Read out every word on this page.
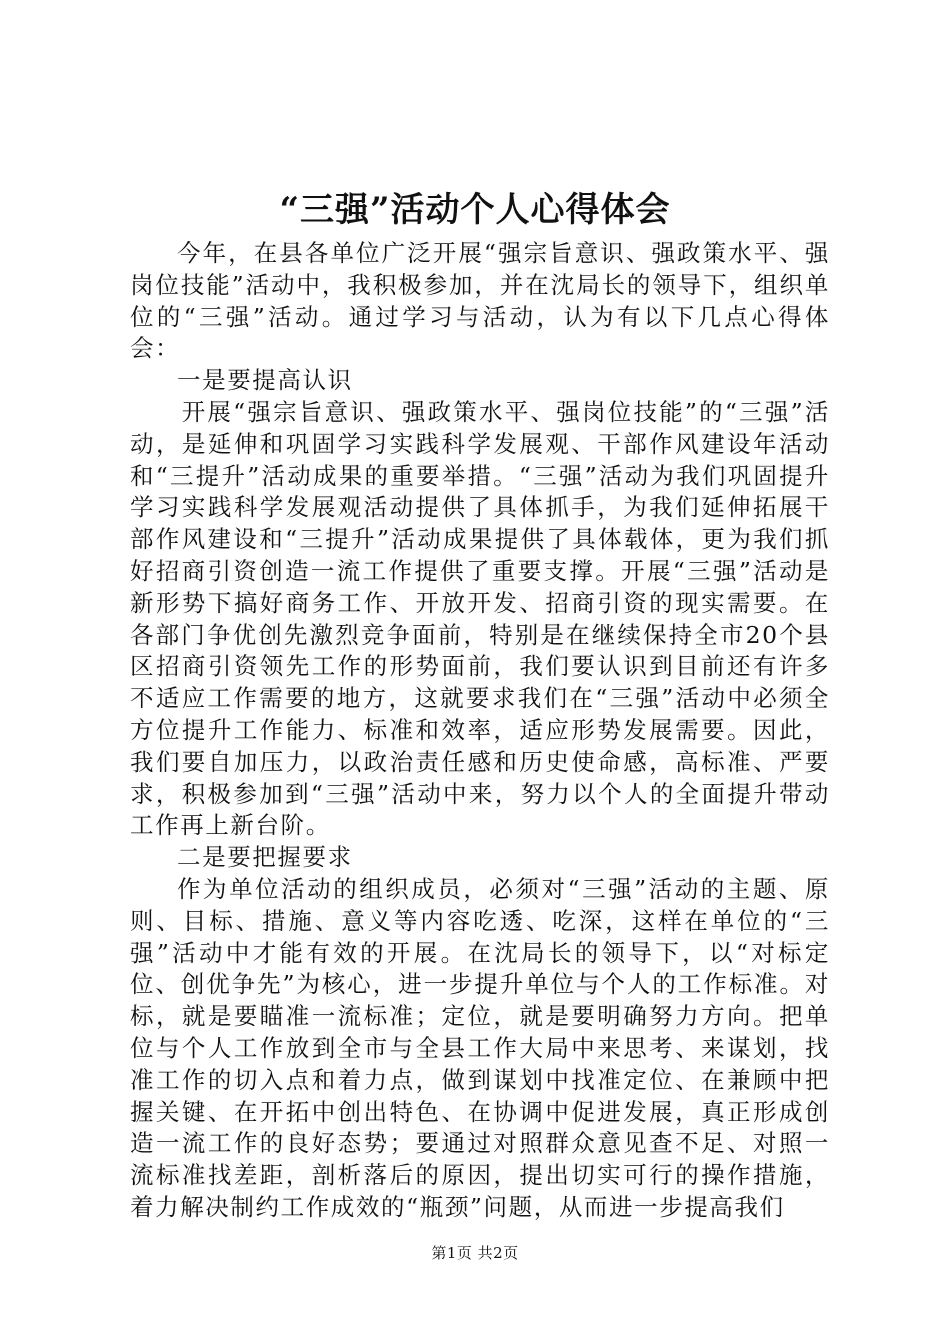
“三强”活动个人心得体会

今年，在县各单位广泛开展“强宗旨意识、强政策水平、强岗位技能”活动中，我积极参加，并在沈局长的领导下，组织单位的“三强”活动。通过学习与活动，认为有以下几点心得体会：

一是要提高认识

开展“强宗旨意识、强政策水平、强岗位技能”的“三强”活动，是延伸和巩固学习实践科学发展观、干部作风建设年活动和“三提升”活动成果的重要举措。“三强”活动为我们巩固提升学习实践科学发展观活动提供了具体抓手，为我们延伸拓展干部作风建设和“三提升”活动成果提供了具体载体，更为我们抓好招商引资创造一流工作提供了重要支撑。开展“三强”活动是新形势下搞好商务工作、开放开发、招商引资的现实需要。在各部门争优创先激烈竞争面前，特别是在继续保持全市20个县区招商引资领先工作的形势面前，我们要认识到目前还有许多不适应工作需要的地方，这就要求我们在“三强”活动中必须全方位提升工作能力、标准和效率，适应形势发展需要。因此，我们要自加压力，以政治责任感和历史使命感，高标准、严要求，积极参加到“三强”活动中来，努力以个人的全面提升带动工作再上新台阶。

二是要把握要求

作为单位活动的组织成员，必须对“三强”活动的主题、原则、目标、措施、意义等内容吃透、吃深，这样在单位的“三强”活动中才能有效的开展。在沈局长的领导下，以“对标定位、创优争先”为核心，进一步提升单位与个人的工作标准。对标，就是要瞄准一流标准；定位，就是要明确努力方向。把单位与个人工作放到全市与全县工作大局中来思考、来谋划，找准工作的切入点和着力点，做到谋划中找准定位、在兼顾中把握关键、在开拓中创出特色、在协调中促进发展，真正形成创造一流工作的良好态势；要通过对照群众意见查不足、对照一流标准找差距，剖析落后的原因，提出切实可行的操作措施，着力解决制约工作成效的“瓶颈”问题，从而进一步提高我们

第1页 共2页
